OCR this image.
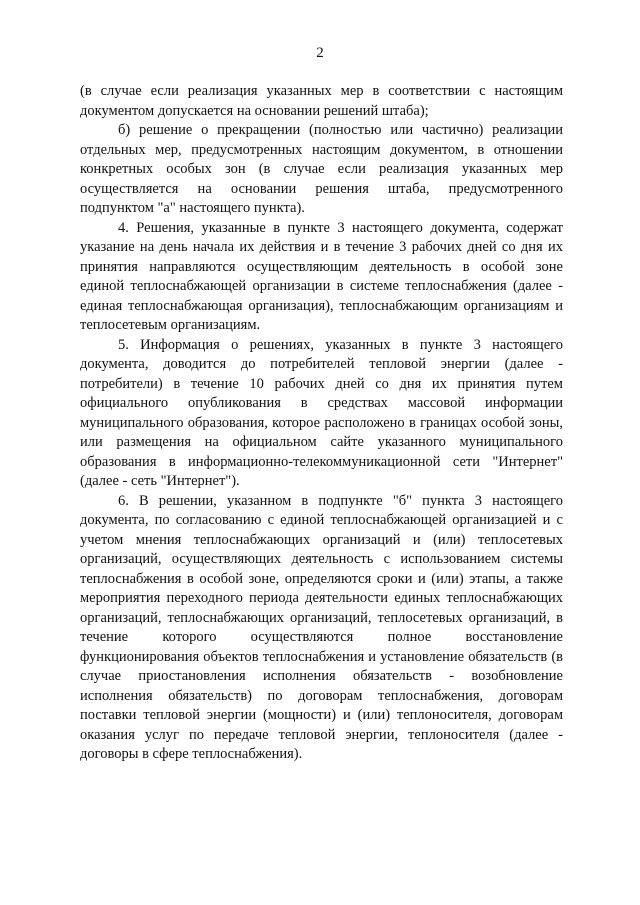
2

(в случае если реализация указанных мер в соответствии с настоящим документом допускается на основании решений штаба);

б) решение о прекращении (полностью или частично) реализации отдельных мер, предусмотренных настоящим документом, в отношении конкретных особых зон (в случае если реализация указанных мер осуществляется на основании решения штаба, предусмотренного подпунктом "а" настоящего пункта).

4. Решения, указанные в пункте 3 настоящего документа, содержат указание на день начала их действия и в течение 3 рабочих дней со дня их принятия направляются осуществляющим деятельность в особой зоне единой теплоснабжающей организации в системе теплоснабжения (далее - единая теплоснабжающая организация), теплоснабжающим организациям и теплосетевым организациям.

5. Информация о решениях, указанных в пункте 3 настоящего документа, доводится до потребителей тепловой энергии (далее - потребители) в течение 10 рабочих дней со дня их принятия путем официального опубликования в средствах массовой информации муниципального образования, которое расположено в границах особой зоны, или размещения на официальном сайте указанного муниципального образования в информационно-телекоммуникационной сети "Интернет" (далее - сеть "Интернет").

6. В решении, указанном в подпункте "б" пункта 3 настоящего документа, по согласованию с единой теплоснабжающей организацией и с учетом мнения теплоснабжающих организаций и (или) теплосетевых организаций, осуществляющих деятельность с использованием системы теплоснабжения в особой зоне, определяются сроки и (или) этапы, а также мероприятия переходного периода деятельности единых теплоснабжающих организаций, теплоснабжающих организаций, теплосетевых организаций, в течение которого осуществляются полное восстановление функционирования объектов теплоснабжения и установление обязательств (в случае приостановления исполнения обязательств - возобновление исполнения обязательств) по договорам теплоснабжения, договорам поставки тепловой энергии (мощности) и (или) теплоносителя, договорам оказания услуг по передаче тепловой энергии, теплоносителя (далее - договоры в сфере теплоснабжения).
